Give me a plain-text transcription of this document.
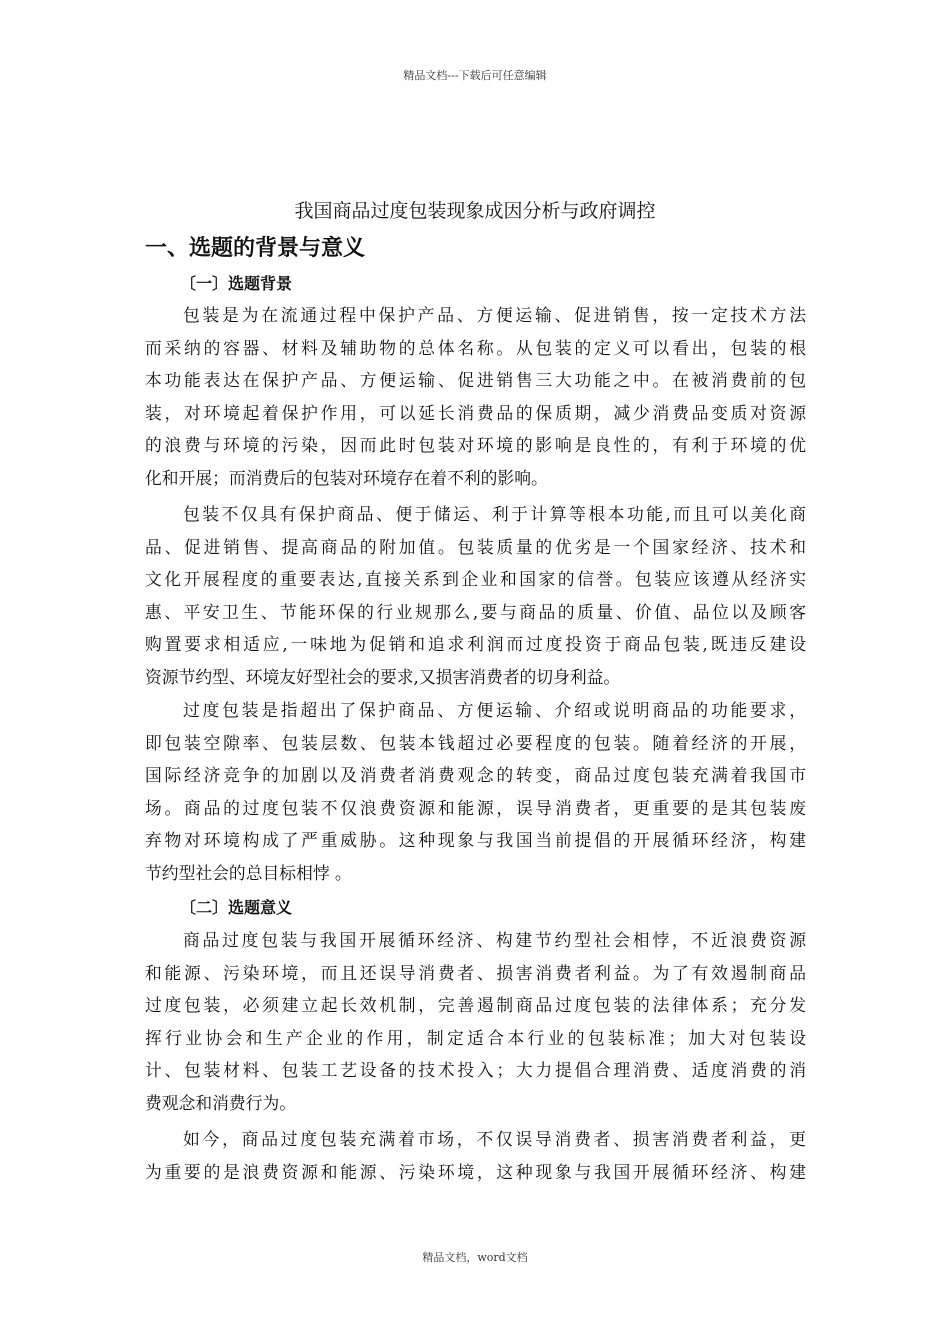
精品文档---下载后可任意编辑
我国商品过度包装现象成因分析与政府调控
一、选题的背景与意义
〔一〕选题背景
包装是为在流通过程中保护产品、方便运输、促进销售，按一定技术方法
而采纳的容器、材料及辅助物的总体名称。从包装的定义可以看出，包装的根
本功能表达在保护产品、方便运输、促进销售三大功能之中。在被消费前的包
装，对环境起着保护作用，可以延长消费品的保质期，减少消费品变质对资源
的浪费与环境的污染，因而此时包装对环境的影响是良性的，有利于环境的优
化和开展；而消费后的包装对环境存在着不利的影响。
包装不仅具有保护商品、便于储运、利于计算等根本功能,而且可以美化商
品、促进销售、提高商品的附加值。包装质量的优劣是一个国家经济、技术和
文化开展程度的重要表达,直接关系到企业和国家的信誉。包装应该遵从经济实
惠、平安卫生、节能环保的行业规那么,要与商品的质量、价值、品位以及顾客
购置要求相适应,一味地为促销和追求利润而过度投资于商品包装,既违反建设
资源节约型、环境友好型社会的要求,又损害消费者的切身利益。
过度包装是指超出了保护商品、方便运输、介绍或说明商品的功能要求，
即包装空隙率、包装层数、包装本钱超过必要程度的包装。随着经济的开展，
国际经济竞争的加剧以及消费者消费观念的转变，商品过度包装充满着我国市
场。商品的过度包装不仅浪费资源和能源，误导消费者，更重要的是其包装废
弃物对环境构成了严重威胁。这种现象与我国当前提倡的开展循环经济，构建
节约型社会的总目标相悖 。
〔二〕选题意义
商品过度包装与我国开展循环经济、构建节约型社会相悖，不近浪费资源
和能源、污染环境，而且还误导消费者、损害消费者利益。为了有效遏制商品
过度包装，必须建立起长效机制，完善遏制商品过度包装的法律体系；充分发
挥行业协会和生产企业的作用，制定适合本行业的包装标准；加大对包装设
计、包装材料、包装工艺设备的技术投入；大力提倡合理消费、适度消费的消
费观念和消费行为。
如今，商品过度包装充满着市场，不仅误导消费者、损害消费者利益，更
为重要的是浪费资源和能源、污染环境，这种现象与我国开展循环经济、构建
精品文档，word文档
